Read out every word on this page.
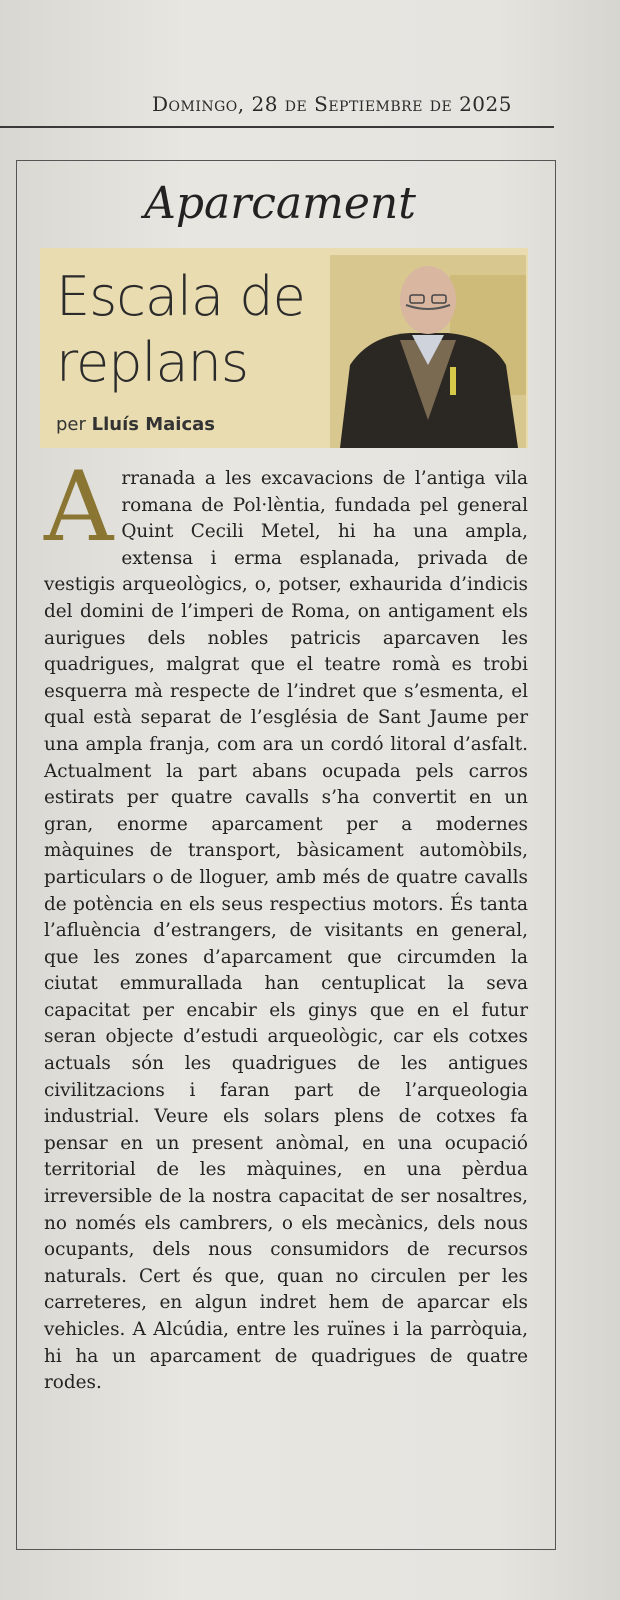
Domingo, 28 de Septiembre de 2025
Aparcament
Escala de replans
per Lluís Maicas
A rranada a les excavacions de l’antiga vila romana de Pol·lèntia, fundada pel general Quint Cecili Metel, hi ha una ampla, extensa i erma esplanada, privada de vestigis arqueològics, o, potser, exhaurida d’indicis del domini de l’imperi de Roma, on antigament els aurigues dels nobles patricis aparcaven les quadrigues, malgrat que el teatre romà es trobi esquerra mà respecte de l’indret que s’esmenta, el qual està separat de l’església de Sant Jaume per una ampla franja, com ara un cordó litoral d’asfalt. Actualment la part abans ocupada pels carros estirats per quatre cavalls s’ha convertit en un gran, enorme aparcament per a modernes màquines de transport, bàsicament automòbils, particulars o de lloguer, amb més de quatre cavalls de potència en els seus respectius motors. És tanta l’afluència d’estrangers, de visitants en general, que les zones d’aparcament que circumden la ciutat emmurallada han centuplicat la seva capacitat per encabir els ginys que en el futur seran objecte d’estudi arqueològic, car els cotxes actuals són les quadrigues de les antigues civilitzacions i faran part de l’arqueologia industrial. Veure els solars plens de cotxes fa pensar en un present anòmal, en una ocupació territorial de les màquines, en una pèrdua irreversible de la nostra capacitat de ser nosaltres, no només els cambrers, o els mecànics, dels nous ocupants, dels nous consumidors de recursos naturals. Cert és que, quan no circulen per les carreteres, en algun indret hem de aparcar els vehicles. A Alcúdia, entre les ruïnes i la parròquia, hi ha un aparcament de quadrigues de quatre rodes.
